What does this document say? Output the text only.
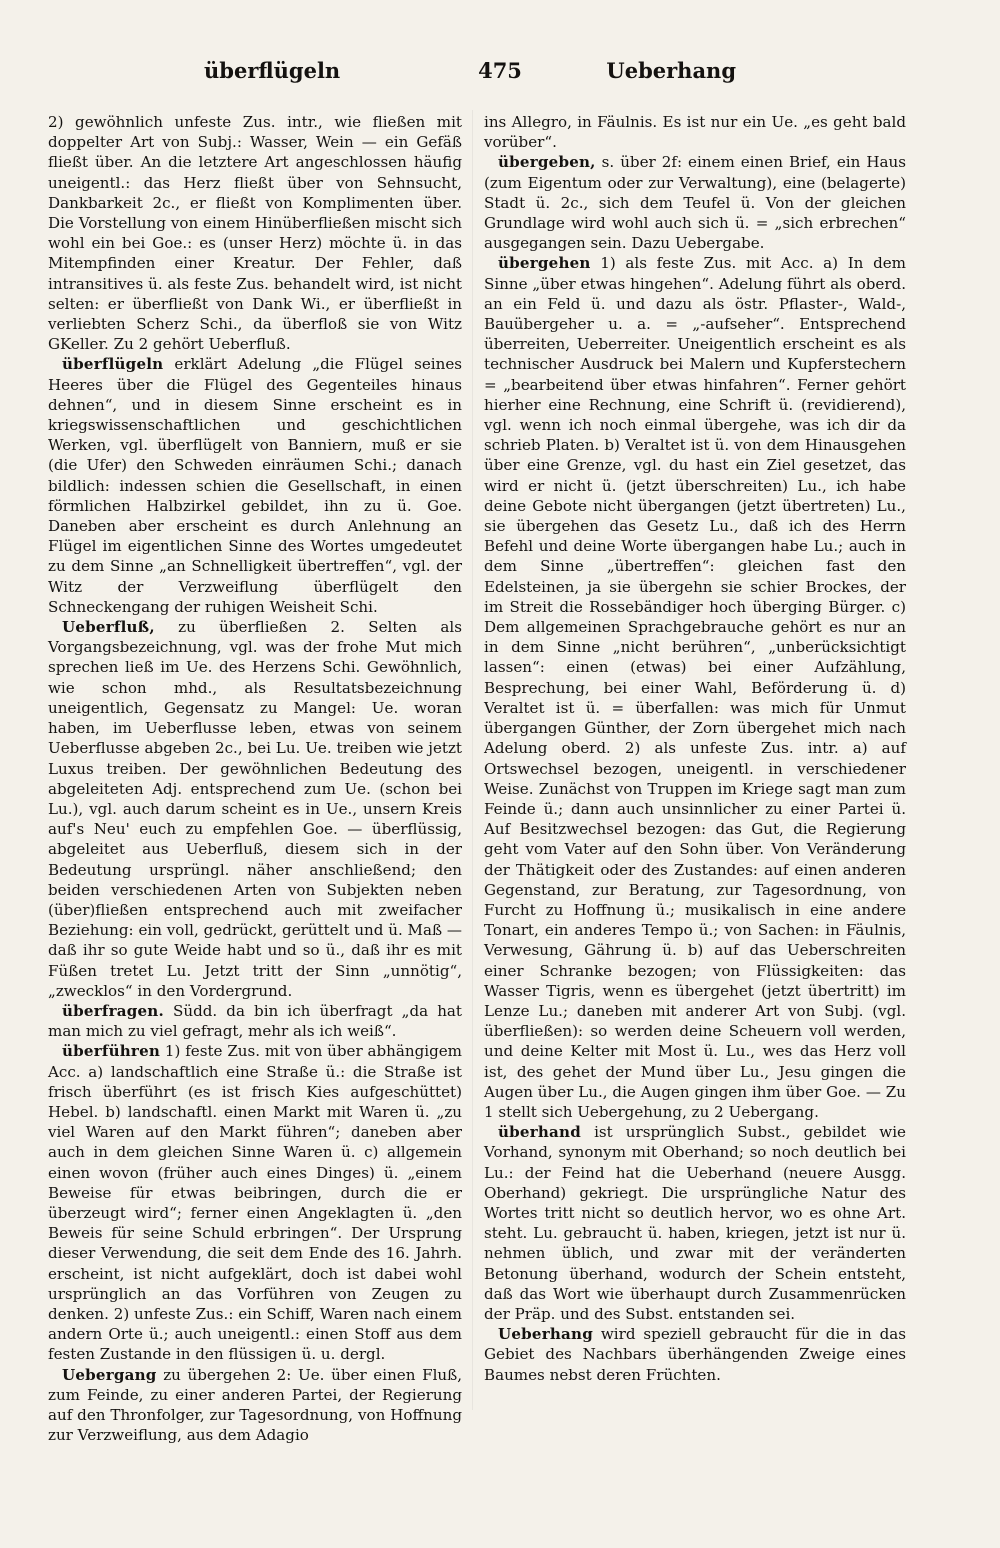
überflügeln	475	Ueberhang

2) gewöhnlich unfeste Zus. intr., wie fließen mit doppelter Art von Subj.: Wasser, Wein — ein Gefäß fließt über. An die letztere Art angeschlossen häufig uneigentl.: das Herz fließt über von Sehnsucht, Dankbarkeit 2c., er fließt von Komplimenten über. Die Vorstellung von einem Hinüberfließen mischt sich wohl ein bei Goe.: es (unser Herz) möchte ü. in das Mitempfinden einer Kreatur. Der Fehler, daß intransitives ü. als feste Zus. behandelt wird, ist nicht selten: er überfließt von Dank Wi., er überfließt in verliebten Scherz Schi., da überfloß sie von Witz GKeller. Zu 2 gehört Ueberfluß.

überflügeln erklärt Adelung „die Flügel seines Heeres über die Flügel des Gegenteiles hinaus dehnen“, und in diesem Sinne erscheint es in kriegswissenschaftlichen und geschichtlichen Werken, vgl. überflügelt von Banniern, muß er sie (die Ufer) den Schweden einräumen Schi.; danach bildlich: indessen schien die Gesellschaft, in einen förmlichen Halbzirkel gebildet, ihn zu ü. Goe. Daneben aber erscheint es durch Anlehnung an Flügel im eigentlichen Sinne des Wortes umgedeutet zu dem Sinne „an Schnelligkeit übertreffen“, vgl. der Witz der Verzweiflung überflügelt den Schneckengang der ruhigen Weisheit Schi.

Ueberfluß, zu überfließen 2. Selten als Vorgangsbezeichnung, vgl. was der frohe Mut mich sprechen ließ im Ue. des Herzens Schi. Gewöhnlich, wie schon mhd., als Resultatsbezeichnung uneigentlich, Gegensatz zu Mangel: Ue. woran haben, im Ueberflusse leben, etwas von seinem Ueberflusse abgeben 2c., bei Lu. Ue. treiben wie jetzt Luxus treiben. Der gewöhnlichen Bedeutung des abgeleiteten Adj. entsprechend zum Ue. (schon bei Lu.), vgl. auch darum scheint es in Ue., unsern Kreis auf's Neu' euch zu empfehlen Goe. — überflüssig, abgeleitet aus Ueberfluß, diesem sich in der Bedeutung ursprüngl. näher anschließend; den beiden verschiedenen Arten von Subjekten neben (über)fließen entsprechend auch mit zweifacher Beziehung: ein voll, gedrückt, gerüttelt und ü. Maß — daß ihr so gute Weide habt und so ü., daß ihr es mit Füßen tretet Lu. Jetzt tritt der Sinn „unnötig“, „zwecklos“ in den Vordergrund.

überfragen. Südd. da bin ich überfragt „da hat man mich zu viel gefragt, mehr als ich weiß“.

überführen 1) feste Zus. mit von über abhängigem Acc. a) landschaftlich eine Straße ü.: die Straße ist frisch überführt (es ist frisch Kies aufgeschüttet) Hebel. b) landschaftl. einen Markt mit Waren ü. „zu viel Waren auf den Markt führen“; daneben aber auch in dem gleichen Sinne Waren ü. c) allgemein einen wovon (früher auch eines Dinges) ü. „einem Beweise für etwas beibringen, durch die er überzeugt wird“; ferner einen Angeklagten ü. „den Beweis für seine Schuld erbringen“. Der Ursprung dieser Verwendung, die seit dem Ende des 16. Jahrh. erscheint, ist nicht aufgeklärt, doch ist dabei wohl ursprünglich an das Vorführen von Zeugen zu denken. 2) unfeste Zus.: ein Schiff, Waren nach einem andern Orte ü.; auch uneigentl.: einen Stoff aus dem festen Zustande in den flüssigen ü. u. dergl.

Uebergang zu übergehen 2: Ue. über einen Fluß, zum Feinde, zu einer anderen Partei, der Regierung auf den Thronfolger, zur Tagesordnung, von Hoffnung zur Verzweiflung, aus dem Adagio

ins Allegro, in Fäulnis. Es ist nur ein Ue. „es geht bald vorüber“.

übergeben, s. über 2f: einem einen Brief, ein Haus (zum Eigentum oder zur Verwaltung), eine (belagerte) Stadt ü. 2c., sich dem Teufel ü. Von der gleichen Grundlage wird wohl auch sich ü. = „sich erbrechen“ ausgegangen sein. Dazu Uebergabe.

übergehen 1) als feste Zus. mit Acc. a) In dem Sinne „über etwas hingehen“. Adelung führt als oberd. an ein Feld ü. und dazu als östr. Pflaster-, Wald-, Bauübergeher u. a. = „-aufseher“. Entsprechend überreiten, Ueberreiter. Uneigentlich erscheint es als technischer Ausdruck bei Malern und Kupferstechern = „bearbeitend über etwas hinfahren“. Ferner gehört hierher eine Rechnung, eine Schrift ü. (revidierend), vgl. wenn ich noch einmal übergehe, was ich dir da schrieb Platen. b) Veraltet ist ü. von dem Hinausgehen über eine Grenze, vgl. du hast ein Ziel gesetzet, das wird er nicht ü. (jetzt überschreiten) Lu., ich habe deine Gebote nicht übergangen (jetzt übertreten) Lu., sie übergehen das Gesetz Lu., daß ich des Herrn Befehl und deine Worte übergangen habe Lu.; auch in dem Sinne „übertreffen“: gleichen fast den Edelsteinen, ja sie übergehn sie schier Brockes, der im Streit die Rossebändiger hoch überging Bürger. c) Dem allgemeinen Sprachgebrauche gehört es nur an in dem Sinne „nicht berühren“, „unberücksichtigt lassen“: einen (etwas) bei einer Aufzählung, Besprechung, bei einer Wahl, Beförderung ü. d) Veraltet ist ü. = überfallen: was mich für Unmut übergangen Günther, der Zorn übergehet mich nach Adelung oberd. 2) als unfeste Zus. intr. a) auf Ortswechsel bezogen, uneigentl. in verschiedener Weise. Zunächst von Truppen im Kriege sagt man zum Feinde ü.; dann auch unsinnlicher zu einer Partei ü. Auf Besitzwechsel bezogen: das Gut, die Regierung geht vom Vater auf den Sohn über. Von Veränderung der Thätigkeit oder des Zustandes: auf einen anderen Gegenstand, zur Beratung, zur Tagesordnung, von Furcht zu Hoffnung ü.; musikalisch in eine andere Tonart, ein anderes Tempo ü.; von Sachen: in Fäulnis, Verwesung, Gährung ü. b) auf das Ueberschreiten einer Schranke bezogen; von Flüssigkeiten: das Wasser Tigris, wenn es übergehet (jetzt übertritt) im Lenze Lu.; daneben mit anderer Art von Subj. (vgl. überfließen): so werden deine Scheuern voll werden, und deine Kelter mit Most ü. Lu., wes das Herz voll ist, des gehet der Mund über Lu., Jesu gingen die Augen über Lu., die Augen gingen ihm über Goe. — Zu 1 stellt sich Uebergehung, zu 2 Uebergang.

überhand ist ursprünglich Subst., gebildet wie Vorhand, synonym mit Oberhand; so noch deutlich bei Lu.: der Feind hat die Ueberhand (neuere Ausgg. Oberhand) gekriegt. Die ursprüngliche Natur des Wortes tritt nicht so deutlich hervor, wo es ohne Art. steht. Lu. gebraucht ü. haben, kriegen, jetzt ist nur ü. nehmen üblich, und zwar mit der veränderten Betonung überhand, wodurch der Schein entsteht, daß das Wort wie überhaupt durch Zusammenrücken der Präp. und des Subst. entstanden sei.

Ueberhang wird speziell gebraucht für die in das Gebiet des Nachbars überhängenden Zweige eines Baumes nebst deren Früchten.
